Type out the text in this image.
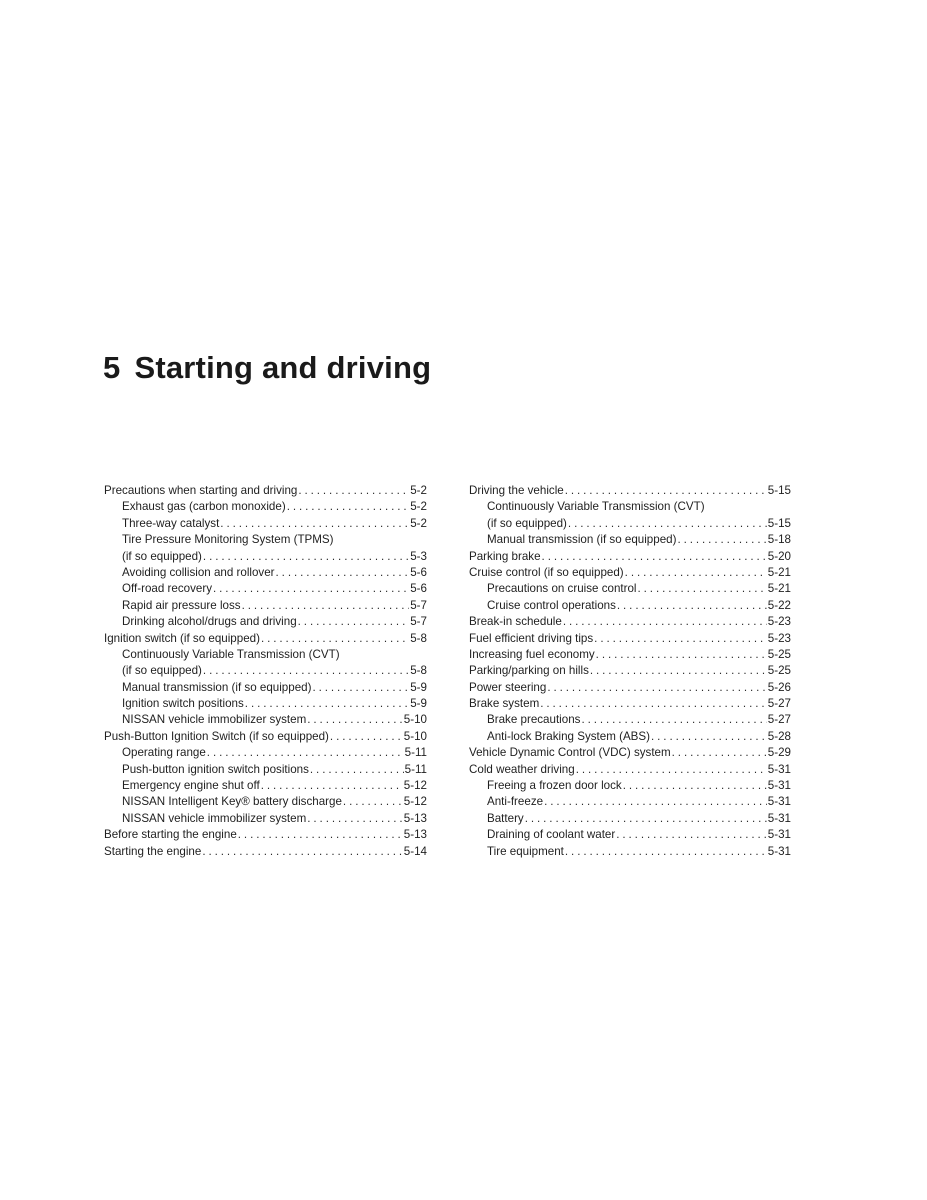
5 Starting and driving
Precautions when starting and driving . . .	5-2
Exhaust gas (carbon monoxide) . . .	5-2
Three-way catalyst . . .	5-2
Tire Pressure Monitoring System (TPMS)
(if so equipped) . . .	5-3
Avoiding collision and rollover . . .	5-6
Off-road recovery . . .	5-6
Rapid air pressure loss . . .	5-7
Drinking alcohol/drugs and driving . . .	5-7
Ignition switch (if so equipped) . . .	5-8
Continuously Variable Transmission (CVT)
(if so equipped) . . .	5-8
Manual transmission (if so equipped) . . .	5-9
Ignition switch positions . . .	5-9
NISSAN vehicle immobilizer system . . .	5-10
Push-Button Ignition Switch (if so equipped) . . .	5-10
Operating range . . .	5-11
Push-button ignition switch positions . . .	5-11
Emergency engine shut off . . .	5-12
NISSAN Intelligent Key® battery discharge . . .	5-12
NISSAN vehicle immobilizer system . . .	5-13
Before starting the engine . . .	5-13
Starting the engine . . .	5-14
Driving the vehicle . . .	5-15
Continuously Variable Transmission (CVT)
(if so equipped) . . .	5-15
Manual transmission (if so equipped) . . .	5-18
Parking brake . . .	5-20
Cruise control (if so equipped) . . .	5-21
Precautions on cruise control . . .	5-21
Cruise control operations . . .	5-22
Break-in schedule . . .	5-23
Fuel efficient driving tips . . .	5-23
Increasing fuel economy . . .	5-25
Parking/parking on hills . . .	5-25
Power steering . . .	5-26
Brake system . . .	5-27
Brake precautions . . .	5-27
Anti-lock Braking System (ABS) . . .	5-28
Vehicle Dynamic Control (VDC) system . . .	5-29
Cold weather driving . . .	5-31
Freeing a frozen door lock . . .	5-31
Anti-freeze . . .	5-31
Battery . . .	5-31
Draining of coolant water . . .	5-31
Tire equipment . . .	5-31
